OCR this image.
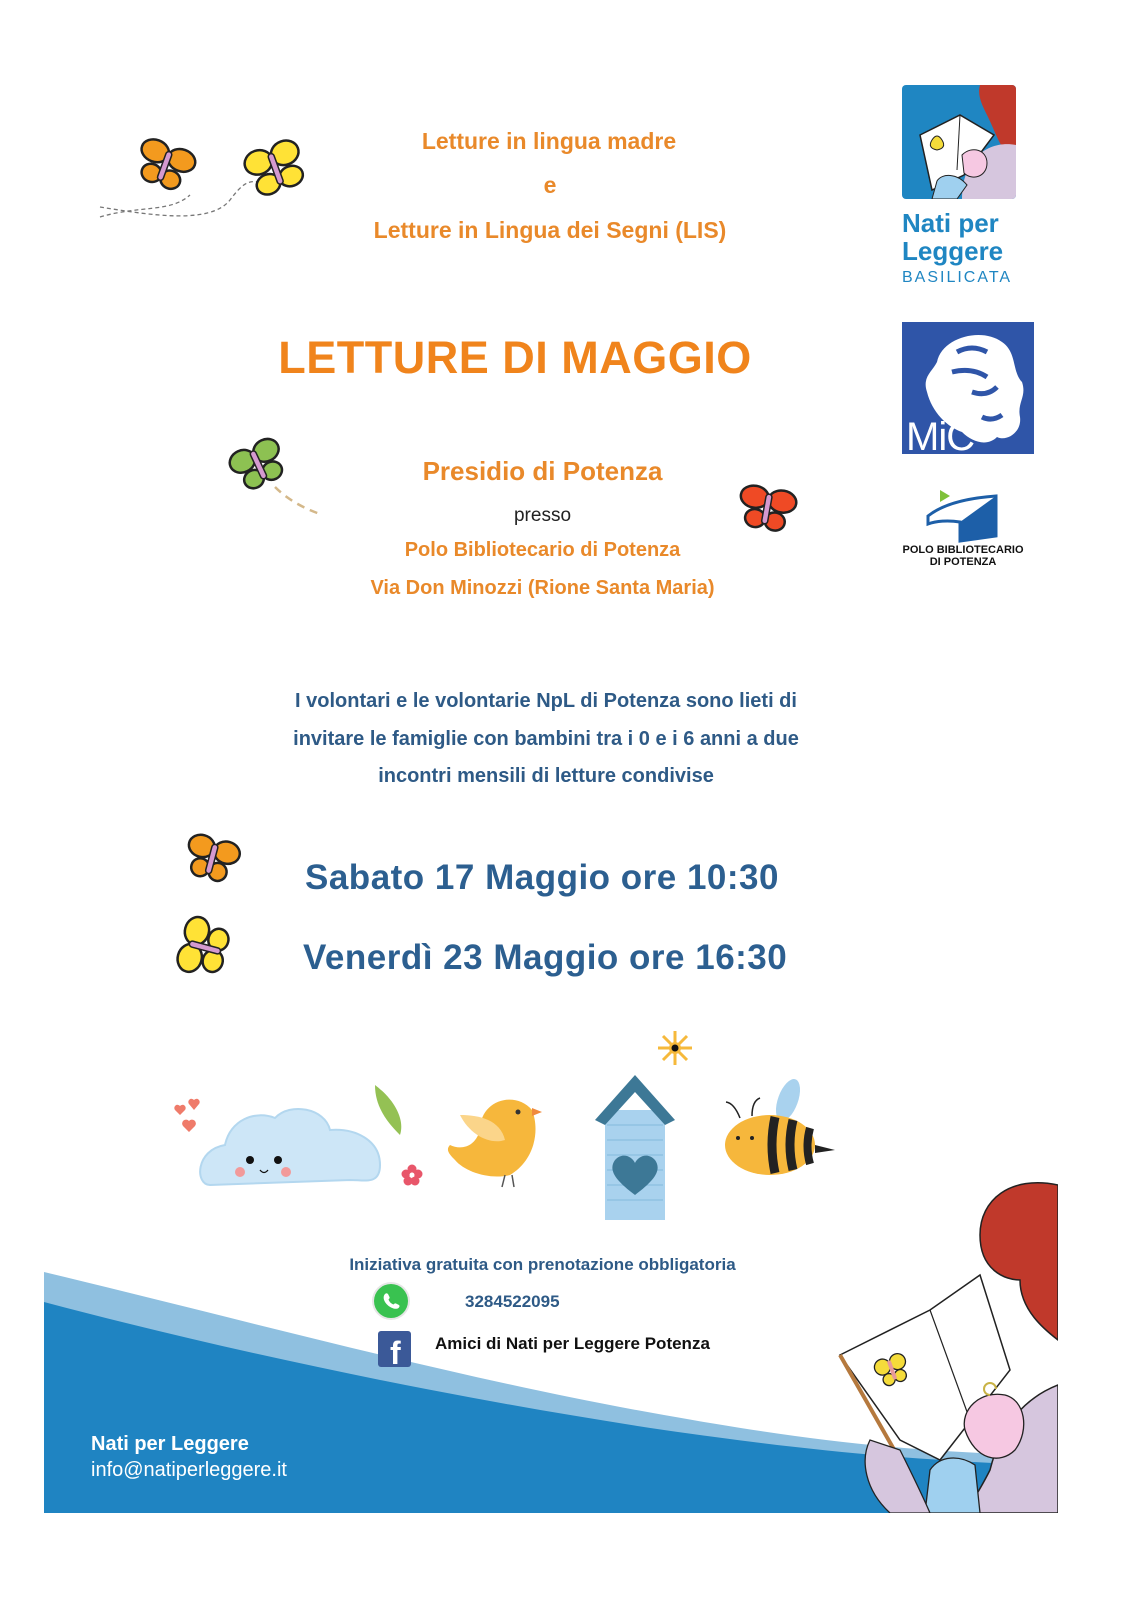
Letture in lingua madre
e
Letture in Lingua dei Segni (LIS)
LETTURE DI MAGGIO
Presidio di Potenza
presso
Polo Bibliotecario di Potenza
Via Don Minozzi (Rione Santa Maria)
I volontari e le volontarie NpL di Potenza sono lieti di
invitare le famiglie con bambini tra i 0 e i 6 anni a due
incontri mensili di letture condivise
Sabato 17 Maggio ore 10:30
Venerdì 23 Maggio ore 16:30
Nati per
Leggere
BASILICATA
MiC
POLO BIBLIOTECARIO
DI POTENZA
Iniziativa gratuita con prenotazione obbligatoria
3284522095
f Amici di Nati per Leggere Potenza
Nati per Leggere
info@natiperleggere.it
